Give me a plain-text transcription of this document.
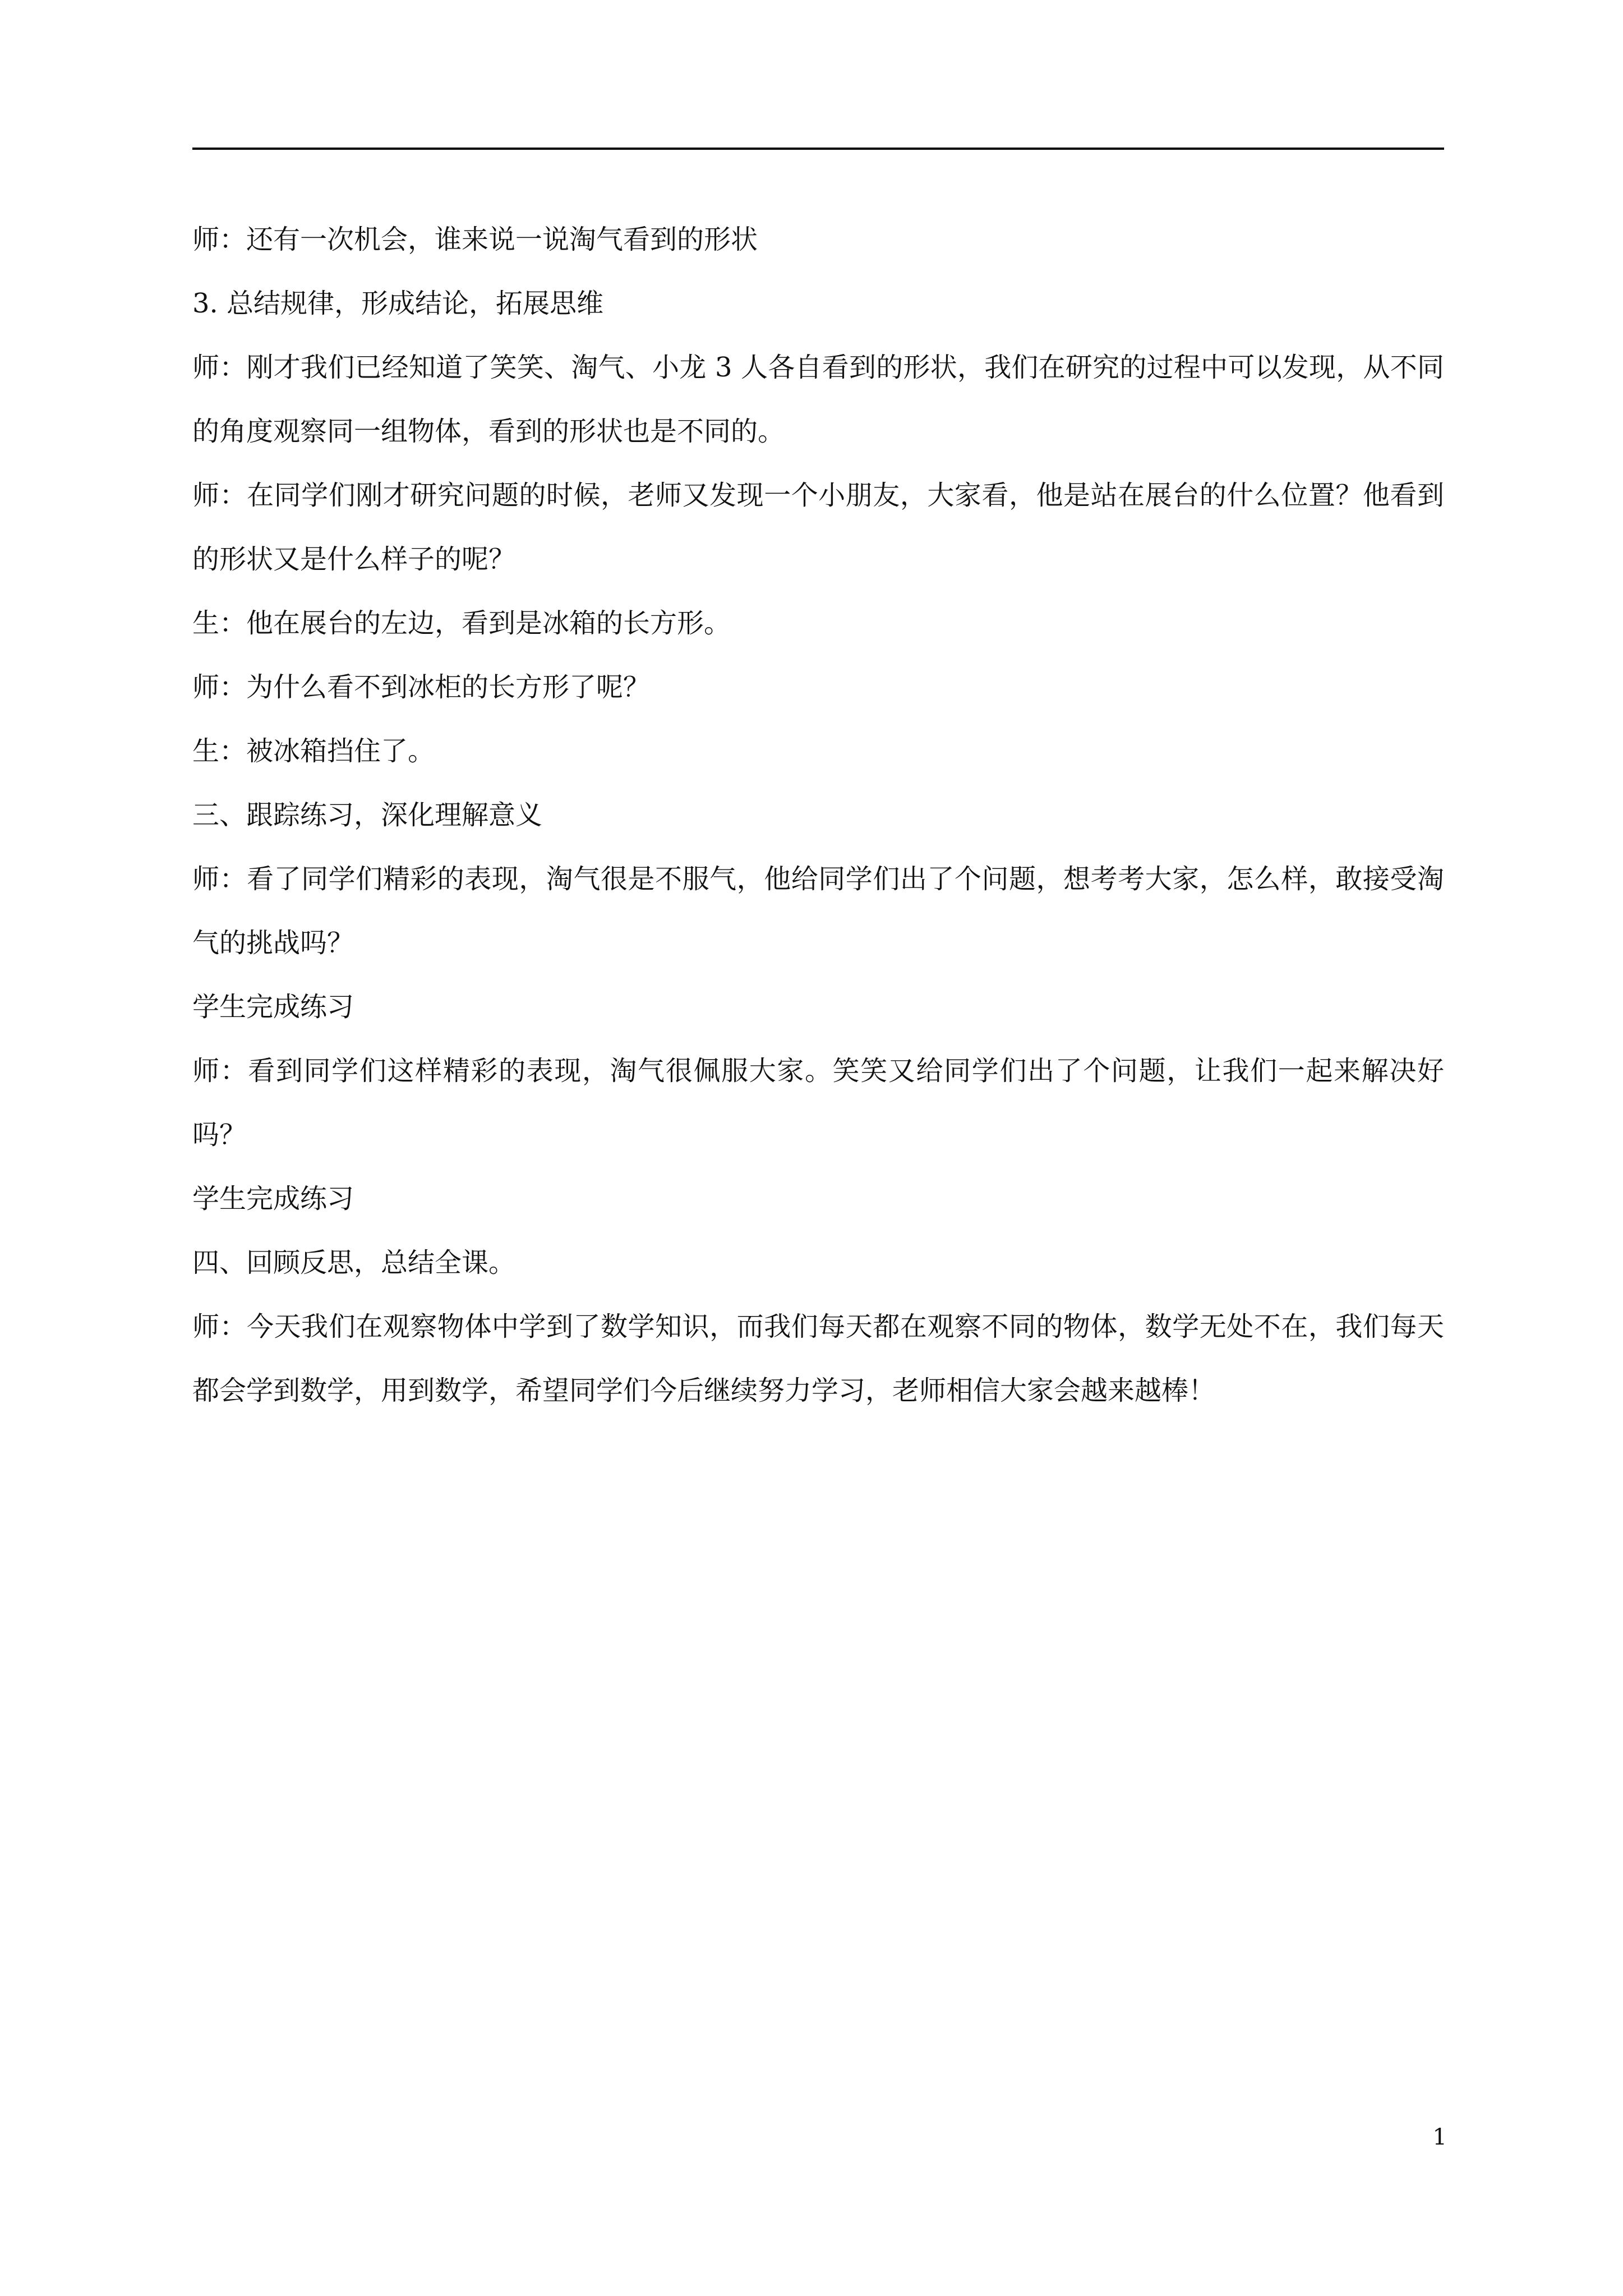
师：还有一次机会，谁来说一说淘气看到的形状

3. 总结规律，形成结论，拓展思维

师：刚才我们已经知道了笑笑、淘气、小龙 3 人各自看到的形状，我们在研究的过程中可以发现，从不同的角度观察同一组物体，看到的形状也是不同的。

师：在同学们刚才研究问题的时候，老师又发现一个小朋友，大家看，他是站在展台的什么位置？他看到的形状又是什么样子的呢？

生：他在展台的左边，看到是冰箱的长方形。

师：为什么看不到冰柜的长方形了呢？

生：被冰箱挡住了。

三、跟踪练习，深化理解意义

师：看了同学们精彩的表现，淘气很是不服气，他给同学们出了个问题，想考考大家，怎么样，敢接受淘气的挑战吗？

学生完成练习

师：看到同学们这样精彩的表现，淘气很佩服大家。笑笑又给同学们出了个问题，让我们一起来解决好吗？

学生完成练习

四、回顾反思，总结全课。

师：今天我们在观察物体中学到了数学知识，而我们每天都在观察不同的物体，数学无处不在，我们每天都会学到数学，用到数学，希望同学们今后继续努力学习，老师相信大家会越来越棒！

1
